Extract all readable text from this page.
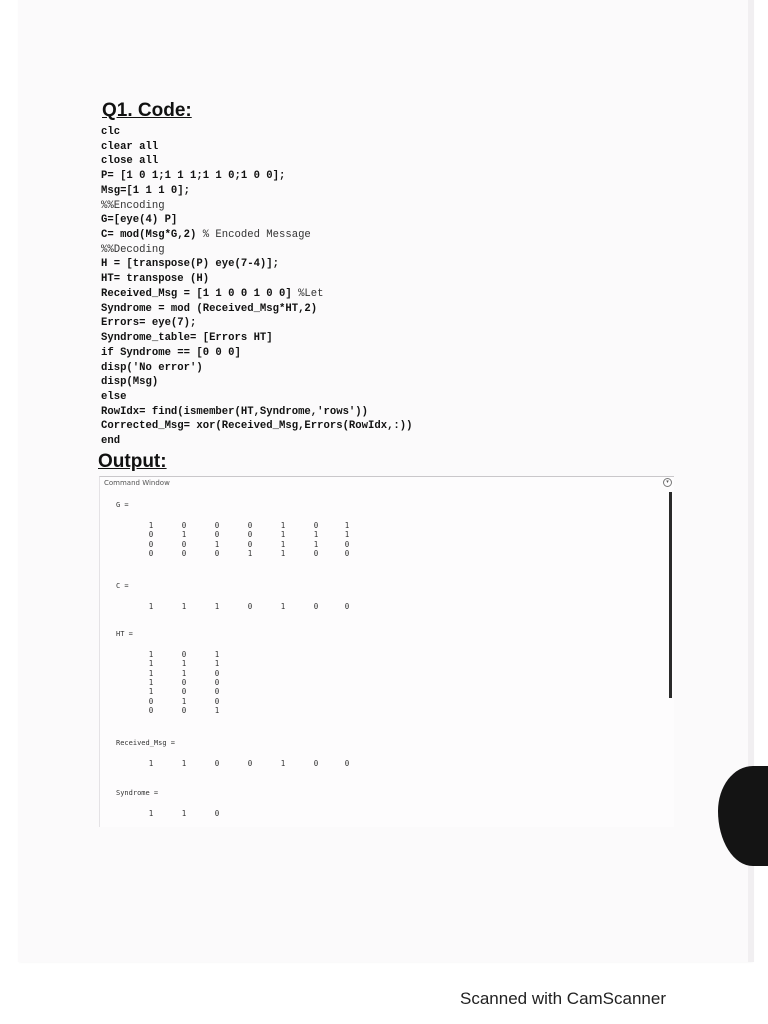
Q1. Code:
clc
clear all
close all
P= [1 0 1;1 1 1;1 1 0;1 0 0];
Msg=[1 1 1 0];
%%Encoding
G=[eye(4) P]
C= mod(Msg*G,2) % Encoded Message
%%Decoding
H = [transpose(P) eye(7-4)];
HT= transpose (H)
Received_Msg = [1 1 0 0 1 0 0] %Let
Syndrome = mod (Received_Msg*HT,2)
Errors= eye(7);
Syndrome_table= [Errors HT]
if Syndrome == [0 0 0]
disp('No error')
disp(Msg)
else
RowIdx= find(ismember(HT,Syndrome,'rows'))
Corrected_Msg= xor(Received_Msg,Errors(RowIdx,:))
end
Output:
Command Window	▾
G =
1	0	0	0	1	0	1
0	1	0	0	1	1	1
0	0	1	0	1	1	0
0	0	0	1	1	0	0
C =
1	1	1	0	1	0	0
HT =
1	0	1
1	1	1
1	1	0
1	0	0
1	0	0
0	1	0
0	0	1
Received_Msg =
1	1	0	0	1	0	0
Syndrome =
1	1	0
Scanned with CamScanner
